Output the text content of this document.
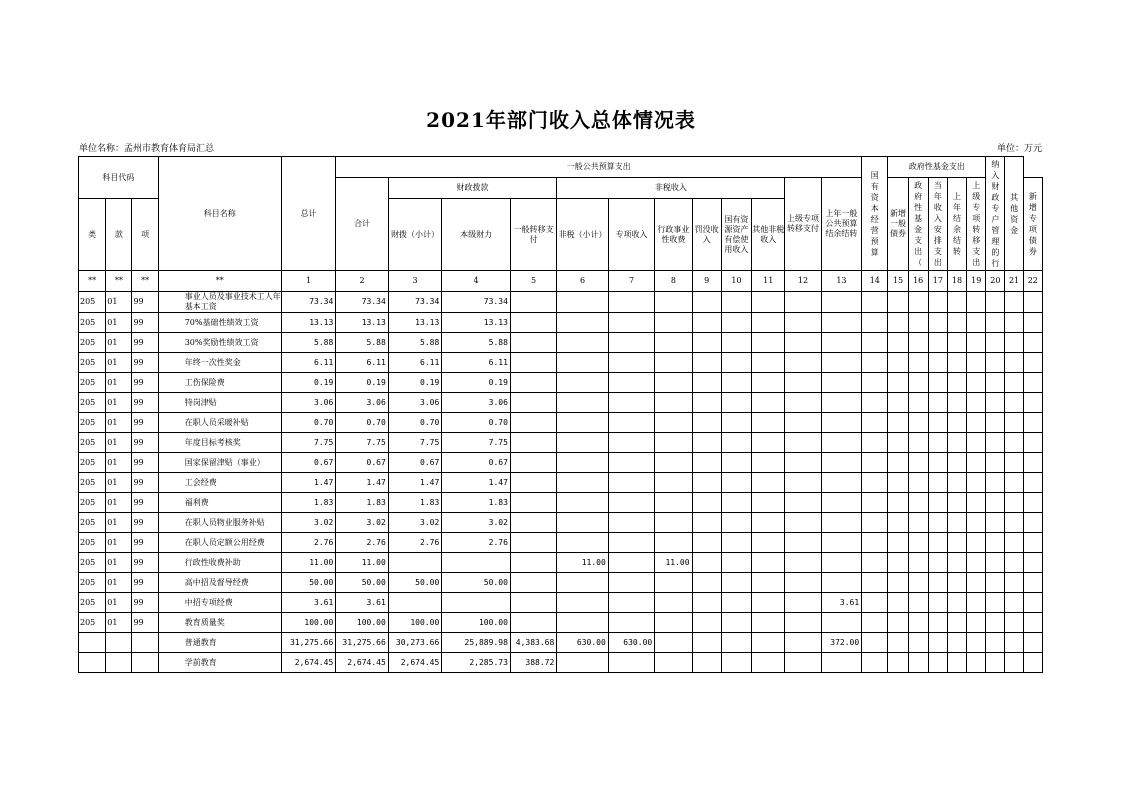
2021年部门收入总体情况表
单位名称：孟州市教育体育局汇总	单位：万元
科目代码			科目名称	总计	一般公共预算支出												国有资本经营预算	政府性基金支出					纳入财政专户管理的行	其他资金	

					合计	财政拨款			非税收入						上级专项转移支付	上年一般公共预算结余结转		新增一般债券	政府性基金支出（	当年收入安排支出	上年结余结转	上级专项转移支出			新增专项债券

类	款	项				财拨（小计）	本级财力	一般转移支付	非税（小计）	专项收入	行政事业性收费	罚没收入	国有资源资产有偿使用收入	其他非税收入											
**	**	**	**	1	2	3	4	5	6	7	8	9	10	11	12	13	14	15	16	17	18	19	20	21	22
205	01	99	事业人员及事业技术工人年基本工资	73.34	73.34	73.34	73.34																		
205	01	99	70%基础性绩效工资	13.13	13.13	13.13	13.13																		
205	01	99	30%奖励性绩效工资	5.88	5.88	5.88	5.88																		
205	01	99	年终一次性奖金	6.11	6.11	6.11	6.11																		
205	01	99	工伤保险费	0.19	0.19	0.19	0.19																		
205	01	99	特岗津贴	3.06	3.06	3.06	3.06																		
205	01	99	在职人员采暖补贴	0.70	0.70	0.70	0.70																		
205	01	99	年度目标考核奖	7.75	7.75	7.75	7.75																		
205	01	99	国家保留津贴（事业）	0.67	0.67	0.67	0.67																		
205	01	99	工会经费	1.47	1.47	1.47	1.47																		
205	01	99	福利费	1.83	1.83	1.83	1.83																		
205	01	99	在职人员物业服务补贴	3.02	3.02	3.02	3.02																		
205	01	99	在职人员定额公用经费	2.76	2.76	2.76	2.76																		
205	01	99	行政性收费补助	11.00	11.00				11.00		11.00														
205	01	99	高中招及督导经费	50.00	50.00	50.00	50.00																		
205	01	99	中招专项经费	3.61	3.61											3.61									
205	01	99	教育质量奖	100.00	100.00	100.00	100.00																		
			普通教育	31,275.66	31,275.66	30,273.66	25,889.98	4,383.68	630.00	630.00						372.00									
			学前教育	2,674.45	2,674.45	2,674.45	2,285.73	388.72																	
